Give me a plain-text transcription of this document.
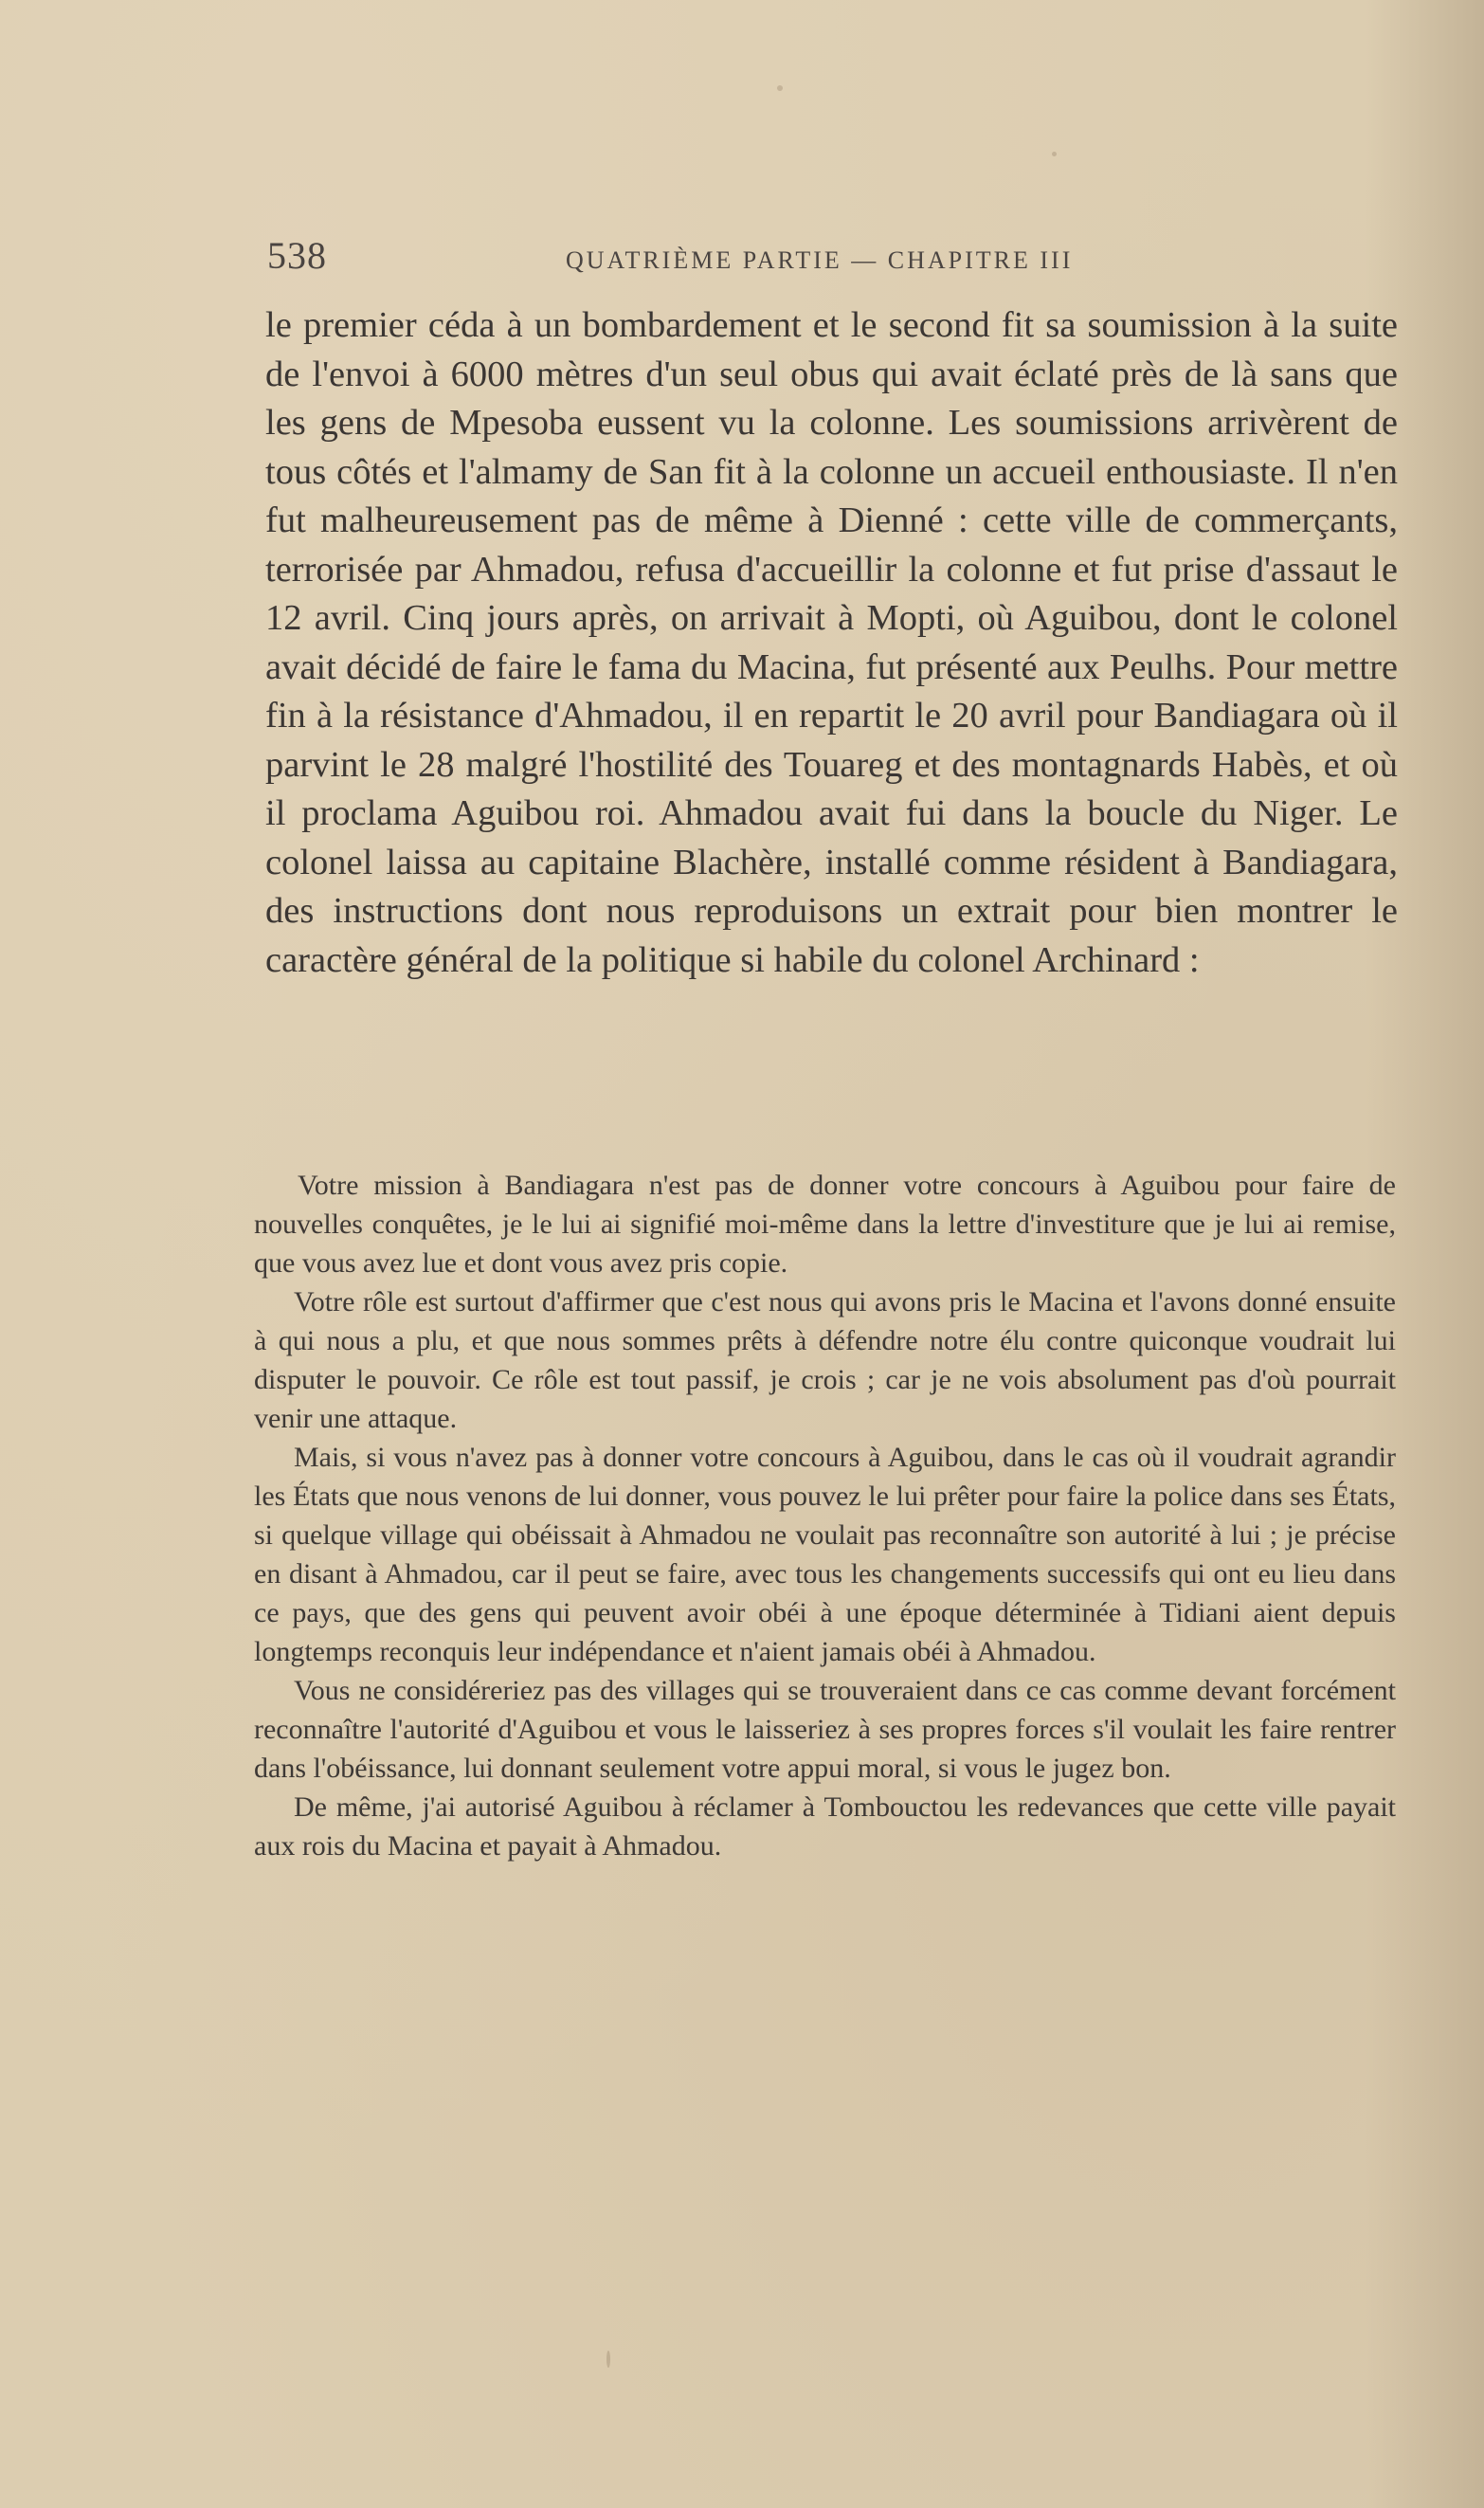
538	QUATRIÈME PARTIE — CHAPITRE III

le premier céda à un bombardement et le second fit sa soumission à la suite de l'envoi à 6000 mètres d'un seul obus qui avait éclaté près de là sans que les gens de Mpesoba eussent vu la colonne. Les soumissions arrivèrent de tous côtés et l'almamy de San fit à la colonne un accueil enthousiaste. Il n'en fut malheureusement pas de même à Dienné : cette ville de commerçants, terrorisée par Ahmadou, refusa d'accueillir la colonne et fut prise d'assaut le 12 avril. Cinq jours après, on arrivait à Mopti, où Aguibou, dont le colonel avait décidé de faire le fama du Macina, fut présenté aux Peulhs. Pour mettre fin à la résistance d'Ahmadou, il en repartit le 20 avril pour Bandiagara où il parvint le 28 malgré l'hostilité des Touareg et des montagnards Habès, et où il proclama Aguibou roi. Ahmadou avait fui dans la boucle du Niger. Le colonel laissa au capitaine Blachère, installé comme résident à Bandiagara, des instructions dont nous reproduisons un extrait pour bien montrer le caractère général de la politique si habile du colonel Archinard :

Votre mission à Bandiagara n'est pas de donner votre concours à Aguibou pour faire de nouvelles conquêtes, je le lui ai signifié moi-même dans la lettre d'investiture que je lui ai remise, que vous avez lue et dont vous avez pris copie.

Votre rôle est surtout d'affirmer que c'est nous qui avons pris le Macina et l'avons donné ensuite à qui nous a plu, et que nous sommes prêts à défendre notre élu contre quiconque voudrait lui disputer le pouvoir. Ce rôle est tout passif, je crois ; car je ne vois absolument pas d'où pourrait venir une attaque.

Mais, si vous n'avez pas à donner votre concours à Aguibou, dans le cas où il voudrait agrandir les États que nous venons de lui donner, vous pouvez le lui prêter pour faire la police dans ses États, si quelque village qui obéissait à Ahmadou ne voulait pas reconnaître son autorité à lui ; je précise en disant à Ahmadou, car il peut se faire, avec tous les changements successifs qui ont eu lieu dans ce pays, que des gens qui peuvent avoir obéi à une époque déterminée à Tidiani aient depuis longtemps reconquis leur indépendance et n'aient jamais obéi à Ahmadou.

Vous ne considéreriez pas des villages qui se trouveraient dans ce cas comme devant forcément reconnaître l'autorité d'Aguibou et vous le laisseriez à ses propres forces s'il voulait les faire rentrer dans l'obéissance, lui donnant seulement votre appui moral, si vous le jugez bon.

De même, j'ai autorisé Aguibou à réclamer à Tombouctou les redevances que cette ville payait aux rois du Macina et payait à Ahmadou.
